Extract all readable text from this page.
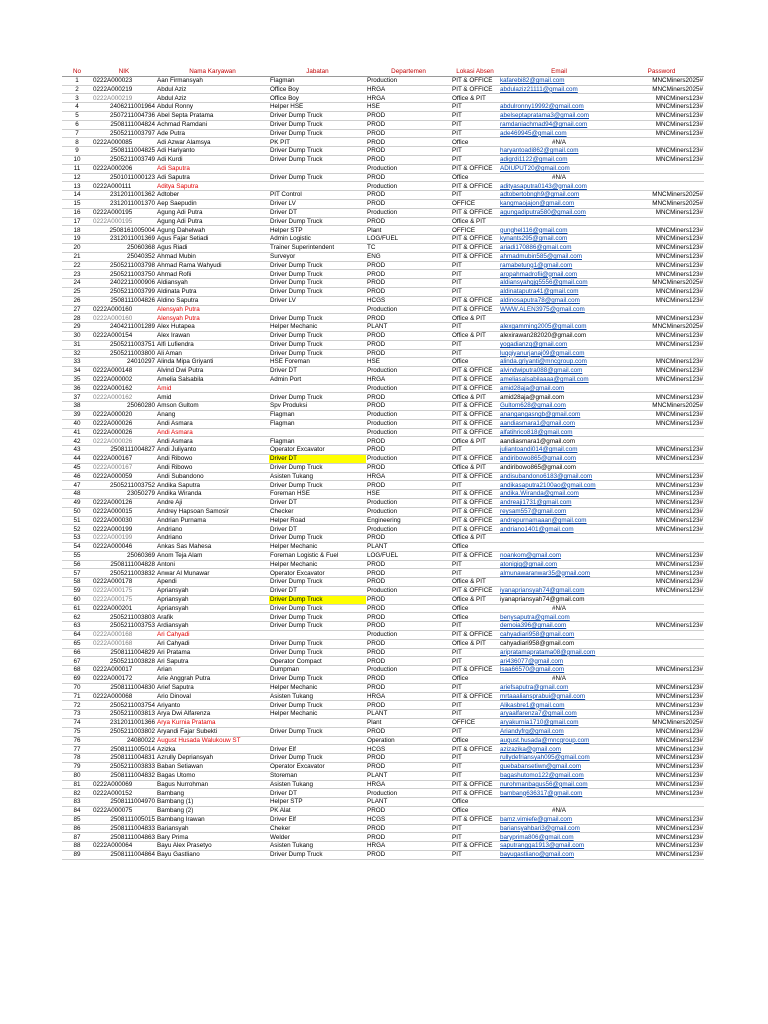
No	NIK	Nama Karyawan	Jabatan	Departemen	Lokasi Absen	Email	Password
1	0222A000023	Aan Firmansyah	Flagman	Production	PIT & OFFICE	kafarebi82@gmail.com	MNCMiners2025#
2	0222A000219	Abdul Aziz	Office Boy	HRGA	PIT & OFFICE	abdulaziz21111@gmail.com	MNCMiners2025#
3	0222A000219	Abdul Aziz	Office Boy	HRGA	Office & PIT		MNCMiners123#
4	2406211001964	Abdul Ronny	Helper HSE	HSE	PIT	abdulronny19992@gmail.com	MNCMiners123#
5	2507211004736	Abel Septa Pratama	Driver Dump Truck	PROD	PIT	abelseptapratama3@gmail.com	MNCMiners123#
6	2508111004824	Achmad Ramdani	Driver Dump Truck	PROD	PIT	ramdaniachmad94@gmail.com	MNCMiners123#
7	2505211003797	Ade Putra	Driver Dump Truck	PROD	PIT	ade469945@gmail.com	MNCMiners123#
8	0222A000085	Adi Azwar Alamsya	PK PIT	PROD	Office	#N/A	
9	2508111004825	Adi Hariyanto	Driver Dump Truck	PROD	PIT	haryantoadi862@gmail.com	MNCMiners123#
10	2505211003749	Adi Kurdi	Driver Dump Truck	PROD	PIT	adigrdi1122@gmail.com	MNCMiners123#
11	0222A000206	Adi Saputra		Production	PIT & OFFICE	ADIUPUT20@gmail.com	
12	2501011000123	Adi Saputra	Driver Dump Truck	PROD	Office	#N/A	
13	0222A000111	Aditya Saputra		Production	PIT & OFFICE	adityasaputra0143@gmail.com	
14	2312011001362	Adtober	PIT Control	PROD	PIT	adtobertobngh9@gmail.com	MNCMiners2025#
15	2312011001370	Aep Saepudin	Driver LV	PROD	OFFICE	kangmaojajon@gmail.com	MNCMiners2025#
16	0222A000195	Agung Adi Putra	Driver DT	Production	PIT & OFFICE	agungadiputra580@gmail.com	MNCMiners123#
17	0222A000195	Agung Adi Putra	Driver Dump Truck	PROD	Office & PIT		
18	2508161005004	Agung Dahelwah	Helper STP	Plant	OFFICE	gunghel116@gmail.com	MNCMiners123#
19	2312011001369	Agus Fajar Setiadi	Admin Logistic	LOG/FUEL	PIT & OFFICE	kynants295@gmail.com	MNCMiners123#
20	25060368	Agus Riadi	Trainer Superintendent	TC	PIT & OFFICE	ariadi170886@gmail.com	MNCMiners123#
21	25040352	Ahmad Mubin	Surveyor	ENG	PIT & OFFICE	ahmadmubin585@gmail.com	MNCMiners123#
22	2505211003798	Ahmad Rama Wahyudi	Driver Dump Truck	PROD	PIT	ramabetung1@gmail.com	MNCMiners123#
23	2505211003750	Ahmad Rofii	Driver Dump Truck	PROD	PIT	aropahmadrofii@gmail.com	MNCMiners123#
24	2402211000906	Aldiansyah	Driver Dump Truck	PROD	PIT	aldiansyahgjg5556@gmail.com	MNCMiners2025#
25	2505211003799	Aldinata Putra	Driver Dump Truck	PROD	PIT	aldinataputra41@gmail.com	MNCMiners123#
26	2508111004826	Aldino Saputra	Driver LV	HCGS	PIT & OFFICE	aldinosaputra78@gmail.com	MNCMiners123#
27	0222A000160	Alensyah Putra		Production	PIT & OFFICE	WWW.ALEN3975@gmail.com	
28	0222A000160	Alensyah Putra	Driver Dump Truck	PROD	Office & PIT		MNCMiners123#
29	2404211001289	Alex Hutapea	Helper Mechanic	PLANT	PIT	alexgamming2005@gmail.com	MNCMiners2025#
30	0222A000154	Alex Irawan	Driver Dump Truck	PROD	Office & PIT	alexirawan282020@gmail.com	MNCMiners123#
31	2505211003751	Alfi Lufiendra	Driver Dump Truck	PROD	PIT	yogadianzq@gmail.com	MNCMiners123#
32	2505211003800	Ali Aman	Driver Dump Truck	PROD	PIT	luqqiyanurjanaj09@gmail.com	
33	24010297	Alinda Mipa Griyanti	HSE Foreman	HSE	Office	alinda.griyanti@mncgroup.com	MNCMiners123#
34	0222A000148	Alvind Dwi Putra	Driver DT	Production	PIT & OFFICE	alvindwiputra088@gmail.com	MNCMiners123#
35	0222A000002	Amelia Salsabila	Admin Port	HRGA	PIT & OFFICE	ameliasalsabilaaaa@gmail.com	MNCMiners123#
36	0222A000162	Amid		Production	PIT & OFFICE	amid28aja@gmail.com	
37	0222A000162	Amid	Driver Dump Truck	PROD	Office & PIT	amid28aja@gmail.com	MNCMiners123#
38	25060280	Amson Gultom	Spv Produksi	PROD	PIT & OFFICE	Gultom628@gmail.com	MNCMiners2025#
39	0222A000020	Anang	Flagman	Production	PIT & OFFICE	anangangasngb@gmail.com	MNCMiners123#
40	0222A000026	Andi Asmara	Flagman	Production	PIT & OFFICE	aandiasmara1@gmail.com	MNCMiners123#
41	0222A000026	Andi Asmara		Production	PIT & OFFICE	alfatihrico818@gmail.com	
42	0222A000026	Andi Asmara	Flagman	PROD	Office & PIT	aandiasmara1@gmail.com	
43	2508111004827	Andi Juliyanto	Operator Excavator	PROD	PIT	juliantoandi014@gmail.com	MNCMiners123#
44	0222A000167	Andi Ribowo	Driver DT	Production	PIT & OFFICE	andiribowo865@gmail.com	MNCMiners123#
45	0222A000167	Andi Ribowo	Driver Dump Truck	PROD	Office & PIT	andiribowo865@gmail.com	
46	0222A000059	Andi Subandono	Asisten Tukang	HRGA	PIT & OFFICE	andisubandono6183@gmail.com	MNCMiners123#
47	2505211003752	Andika Saputra	Driver Dump Truck	PROD	PIT	andikasaputra2100ao@gmail.com	MNCMiners123#
48	23050279	Andika Wiranda	Foreman HSE	HSE	PIT & OFFICE	andika.Wiranda@gmail.com	MNCMiners123#
49	0222A000126	Andre Aji	Driver DT	Production	PIT & OFFICE	andreaji1731@gmail.com	MNCMiners123#
50	0222A000015	Andrey Hapsoan Samosir	Checker	Production	PIT & OFFICE	reysam557@gmail.com	MNCMiners123#
51	0222A000030	Andrian Purnama	Helper Road	Engineering	PIT & OFFICE	andrepurnamaaan@gmail.com	MNCMiners123#
52	0222A000199	Andriano	Driver DT	Production	PIT & OFFICE	andriano1401@gmail.com	MNCMiners123#
53	0222A000199	Andriano	Driver Dump Truck	PROD	Office & PIT		
54	0222A000046	Ankas Sas Mahesa	Helper Mechanic	PLANT	Office		
55	25060369	Anom Teja Alam	Foreman Logistic & Fuel	LOG/FUEL	PIT & OFFICE	noankom@gmail.com	MNCMiners123#
56	2508111004828	Antoni	Helper Mechanic	PROD	PIT	atonigig@gmail.com	MNCMiners123#
57	2505211003832	Anwar Al Munawar	Operator Excavator	PROD	PIT	almunawaranwar35@gmail.com	MNCMiners123#
58	0222A000178	Apendi	Driver Dump Truck	PROD	Office & PIT		MNCMiners123#
59	0222A000175	Apriansyah	Driver DT	Production	PIT & OFFICE	iyanapriansyah74@gmail.com	MNCMiners123#
60	0222A000175	Apriansyah	Driver Dump Truck	PROD	Office & PIT	iyanapriansyah74@gmail.com	
61	0222A000201	Apriansyah	Driver Dump Truck	PROD	Office	#N/A	
62	2505211003803	Arafik	Driver Dump Truck	PROD	Office	benysaputra@gmail.com	
63	2505211003753	Ardiansyah	Driver Dump Truck	PROD	PIT	demoia396@gmail.com	MNCMiners123#
64	0222A000168	Ari Cahyadi		Production	PIT & OFFICE	cahyadiari958@gmail.com	
65	0222A000168	Ari Cahyadi	Driver Dump Truck	PROD	Office & PIT	cahyadiari958@gmail.com	
66	2508111004829	Ari Pratama	Driver Dump Truck	PROD	PIT	aripratamapratama08@gmail.com	
67	2505211003828	Ari Saputra	Operator Compact	PROD	PIT	ari436077@gmail.com	
68	0222A000017	Arian	Dumpman	Production	PIT & OFFICE	lsaa66570@gmail.com	MNCMiners123#
69	0222A000172	Arie Anggrah Putra	Driver Dump Truck	PROD	Office	#N/A	
70	2508111004830	Arief Saputra	Helper Mechanic	PROD	PIT	ariefsaputra@gmail.com	MNCMiners123#
71	0222A000068	Ario Dinoval	Asisten Tukang	HRGA	PIT & OFFICE	mrtaaaliansprabui@gmail.com	MNCMiners123#
72	2505211003754	Ariyanto	Driver Dump Truck	PROD	PIT	Alikasbre1@gmail.com	MNCMiners123#
73	2505211003813	Arya Dwi Alfarenza	Helper Mechanic	PLANT	PIT	aryaalfarenza7@gmail.com	MNCMiners123#
74	2312011001366	Arya Kurnia Pratama		Plant	OFFICE	aryakurnia1710@gmail.com	MNCMiners2025#
75	2505211003802	Aryandi Fajar Subekti	Driver Dump Truck	PROD	PIT	Ariandyfrg@gmail.com	MNCMiners123#
76	24080022	August Husada Walukouw ST		Operation	Office	august.husada@mncgroup.com	MNCMiners123#
77	2508111005014	Azizka	Driver Elf	HCGS	PIT & OFFICE	azizazika@gmail.com	MNCMiners123#
78	2508111004831	Azrully Depriansyah	Driver Dump Truck	PROD	PIT	rullydefriansyah095@gmail.com	MNCMiners123#
79	2505211003833	Baban Setiawan	Operator Excavator	PROD	PIT	guebabansetiwn@gmail.com	MNCMiners123#
80	2508111004832	Bagas Utomo	Storeman	PLANT	PIT	bagashutomo122@gmail.com	MNCMiners123#
81	0222A000069	Bagus Nurrohman	Asisten Tukang	HRGA	PIT & OFFICE	nurohmanbagus56@gmail.com	MNCMiners123#
82	0222A000152	Bambang	Driver DT	Production	PIT & OFFICE	bambang636317@gmail.com	MNCMiners123#
83	2508111004970	Bambang (1)	Helper STP	PLANT	Office		
84	0222A000075	Bambang (2)	PK Alat	PROD	Office	#N/A	
85	2508111005015	Bambang Irawan	Driver Elf	HCGS	PIT & OFFICE	bamz.vimiefe@gmail.com	MNCMiners123#
86	2508111004833	Bariansyah	Cheker	PROD	PIT	bariansyahbari3@gmail.com	MNCMiners123#
87	2508111004863	Bary Prima	Welder	PROD	PIT	baryprima806@gmail.com	MNCMiners123#
88	0222A000064	Bayu Alex Prasetyo	Asisten Tukang	HRGA	PIT & OFFICE	saputrangga1913@gmail.com	MNCMiners123#
89	2508111004864	Bayu Gastliano	Driver Dump Truck	PROD	PIT	bayugastliano@gmail.com	MNCMiners123#
